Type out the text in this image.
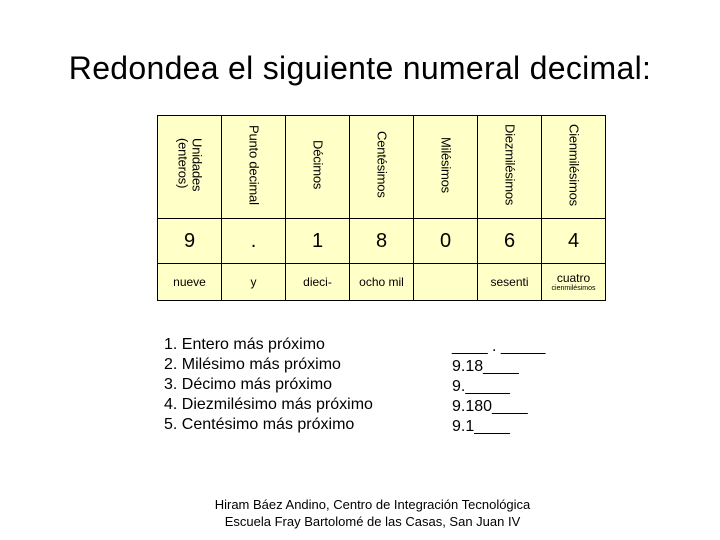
Redondea el siguiente numeral decimal:
Unidades
(enteros)	Punto decimal	Décimos	Centésimos	Milésimos	Diezmilésimos	Cienmilésimos
9	.	1	8	0	6	4
nueve	y	dieci-	ocho mil		sesenti	cuatro
cienmilésimos
1. Entero más próximo
2. Milésimo más próximo
3. Décimo más próximo
4. Diezmilésimo más próximo
5. Centésimo más próximo
____ . _____
9.18____
9._____
9.180____
9.1____
Hiram Báez Andino, Centro de Integración Tecnológica
Escuela Fray Bartolomé de las Casas, San Juan IV
